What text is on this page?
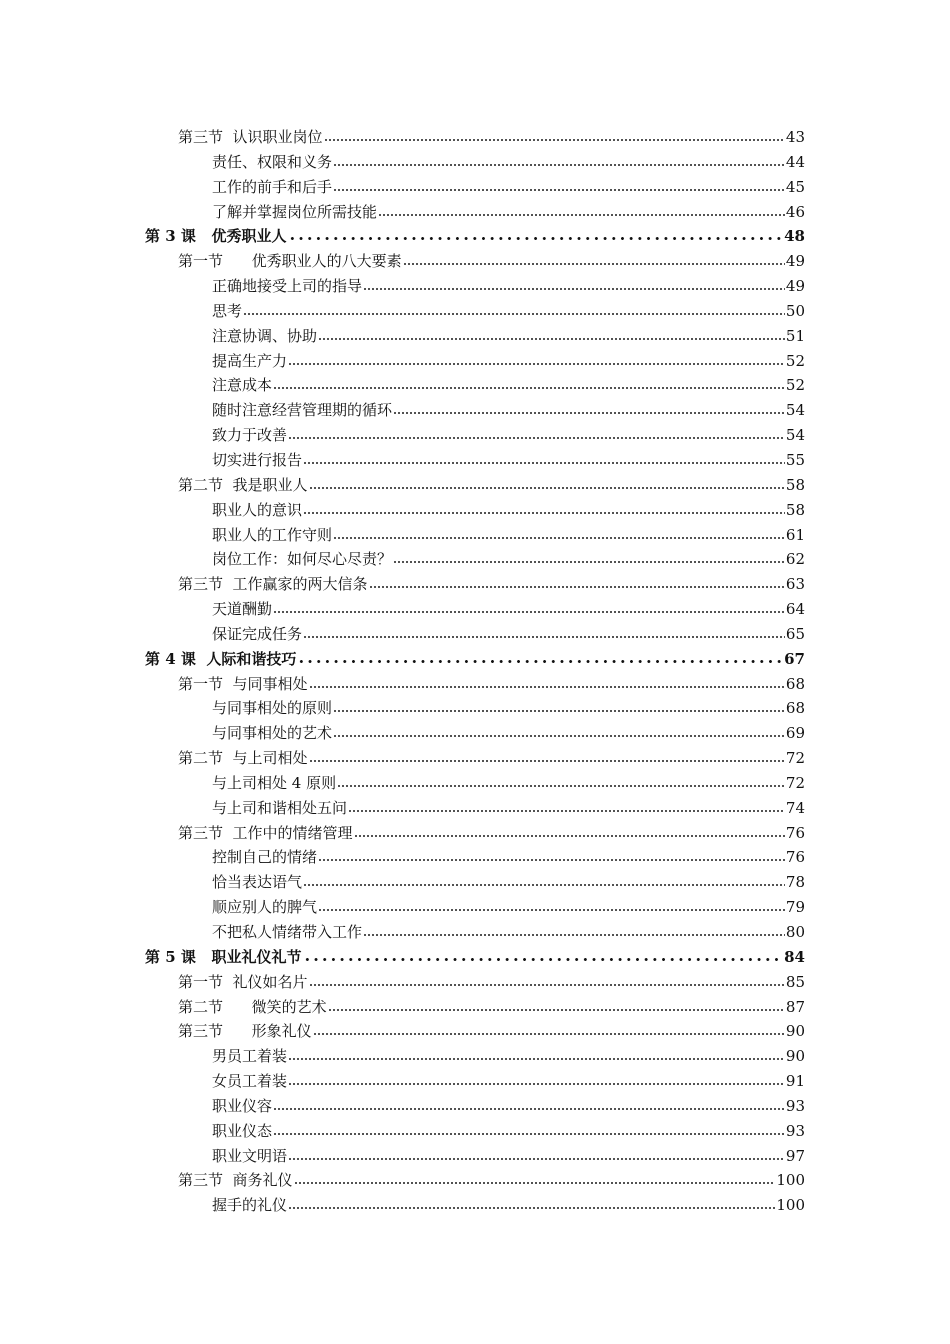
第三节  认识职业岗位	43
责任、权限和义务	44
工作的前手和后手	45
了解并掌握岗位所需技能	46
第 3 课   优秀职业人	48
第一节      优秀职业人的八大要素	49
正确地接受上司的指导	49
思考	50
注意协调、协助	51
提高生产力	52
注意成本	52
随时注意经营管理期的循环	54
致力于改善	54
切实进行报告	55
第二节  我是职业人	58
职业人的意识	58
职业人的工作守则	61
岗位工作：如何尽心尽责？	62
第三节  工作赢家的两大信条	63
天道酬勤	64
保证完成任务	65
第 4 课  人际和谐技巧	67
第一节  与同事相处	68
与同事相处的原则	68
与同事相处的艺术	69
第二节  与上司相处	72
与上司相处 4 原则	72
与上司和谐相处五问	74
第三节  工作中的情绪管理	76
控制自己的情绪	76
恰当表达语气	78
顺应别人的脾气	79
不把私人情绪带入工作	80
第 5 课   职业礼仪礼节	84
第一节  礼仪如名片	85
第二节      微笑的艺术	87
第三节      形象礼仪	90
男员工着装	90
女员工着装	91
职业仪容	93
职业仪态	93
职业文明语	97
第三节  商务礼仪	100
握手的礼仪	100
